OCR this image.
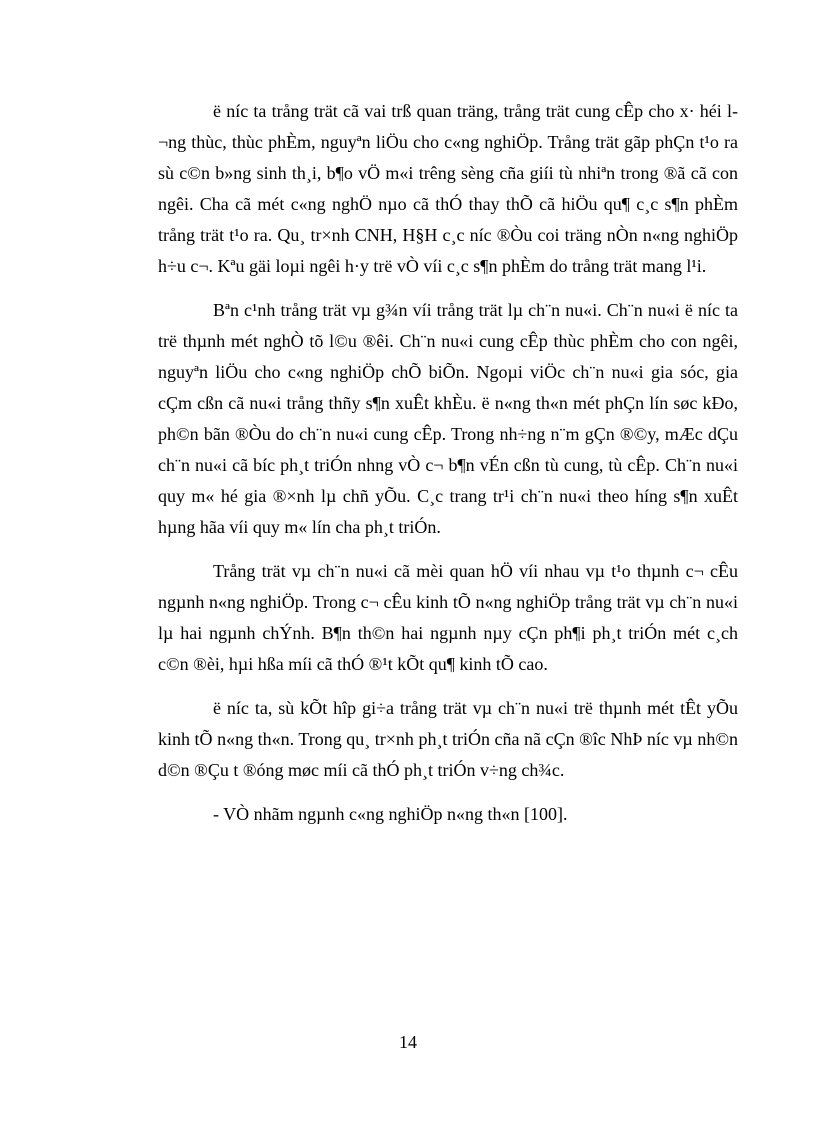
ë níc ta trång trät cã vai trß quan träng, trång trät cung cÊp cho x· héi l¬ng thùc, thùc phÈm, nguyªn liÖu cho c«ng nghiÖp. Trång trät gãp phÇn t¹o ra sù c©n b»ng sinh th¸i, b¶o vÖ m«i trêng sèng cña giíi tù nhiªn trong ®ã cã con ngêi. Cha cã mét c«ng nghÖ nµo cã thÓ thay thÕ cã hiÖu qu¶ c¸c s¶n phÈm trång trät t¹o ra. Qu¸ tr×nh CNH, H§H c¸c níc ®Òu coi träng nÒn n«ng nghiÖp h÷u c¬. Kªu gäi loµi ngêi h·y trë vÒ víi c¸c s¶n phÈm do trång trät mang l¹i.

Bªn c¹nh trång trät vµ g¾n víi trång trät lµ ch¨n nu«i. Ch¨n nu«i ë níc ta trë thµnh mét nghÒ tõ l©u ®êi. Ch¨n nu«i cung cÊp thùc phÈm cho con ngêi, nguyªn liÖu cho c«ng nghiÖp chÕ biÕn. Ngoµi viÖc ch¨n nu«i gia sóc, gia cÇm cßn cã nu«i trång thñy s¶n xuÊt khÈu. ë n«ng th«n mét phÇn lín søc kÐo, ph©n bãn ®Òu do ch¨n nu«i cung cÊp. Trong nh÷ng n¨m gÇn ®©y, mÆc dÇu ch¨n nu«i cã bíc ph¸t triÓn nhng vÒ c¬ b¶n vÉn cßn tù cung, tù cÊp. Ch¨n nu«i quy m« hé gia ®×nh lµ chñ yÕu. C¸c trang tr¹i ch¨n nu«i theo híng s¶n xuÊt hµng hãa víi quy m« lín cha ph¸t triÓn.

Trång trät vµ ch¨n nu«i cã mèi quan hÖ víi nhau vµ t¹o thµnh c¬ cÊu ngµnh n«ng nghiÖp. Trong c¬ cÊu kinh tÕ n«ng nghiÖp trång trät vµ ch¨n nu«i lµ hai ngµnh chÝnh. B¶n th©n hai ngµnh nµy cÇn ph¶i ph¸t triÓn mét c¸ch c©n ®èi, hµi hßa míi cã thÓ ®¹t kÕt qu¶ kinh tÕ cao.

ë níc ta, sù kÕt hîp gi÷a trång trät vµ ch¨n nu«i trë thµnh mét tÊt yÕu kinh tÕ n«ng th«n. Trong qu¸ tr×nh ph¸t triÓn cña nã cÇn ®îc NhÞ níc vµ nh©n d©n ®Çu t ®óng møc míi cã thÓ ph¸t triÓn v÷ng ch¾c.

- VÒ nhãm ngµnh c«ng nghiÖp n«ng th«n [100].

14
